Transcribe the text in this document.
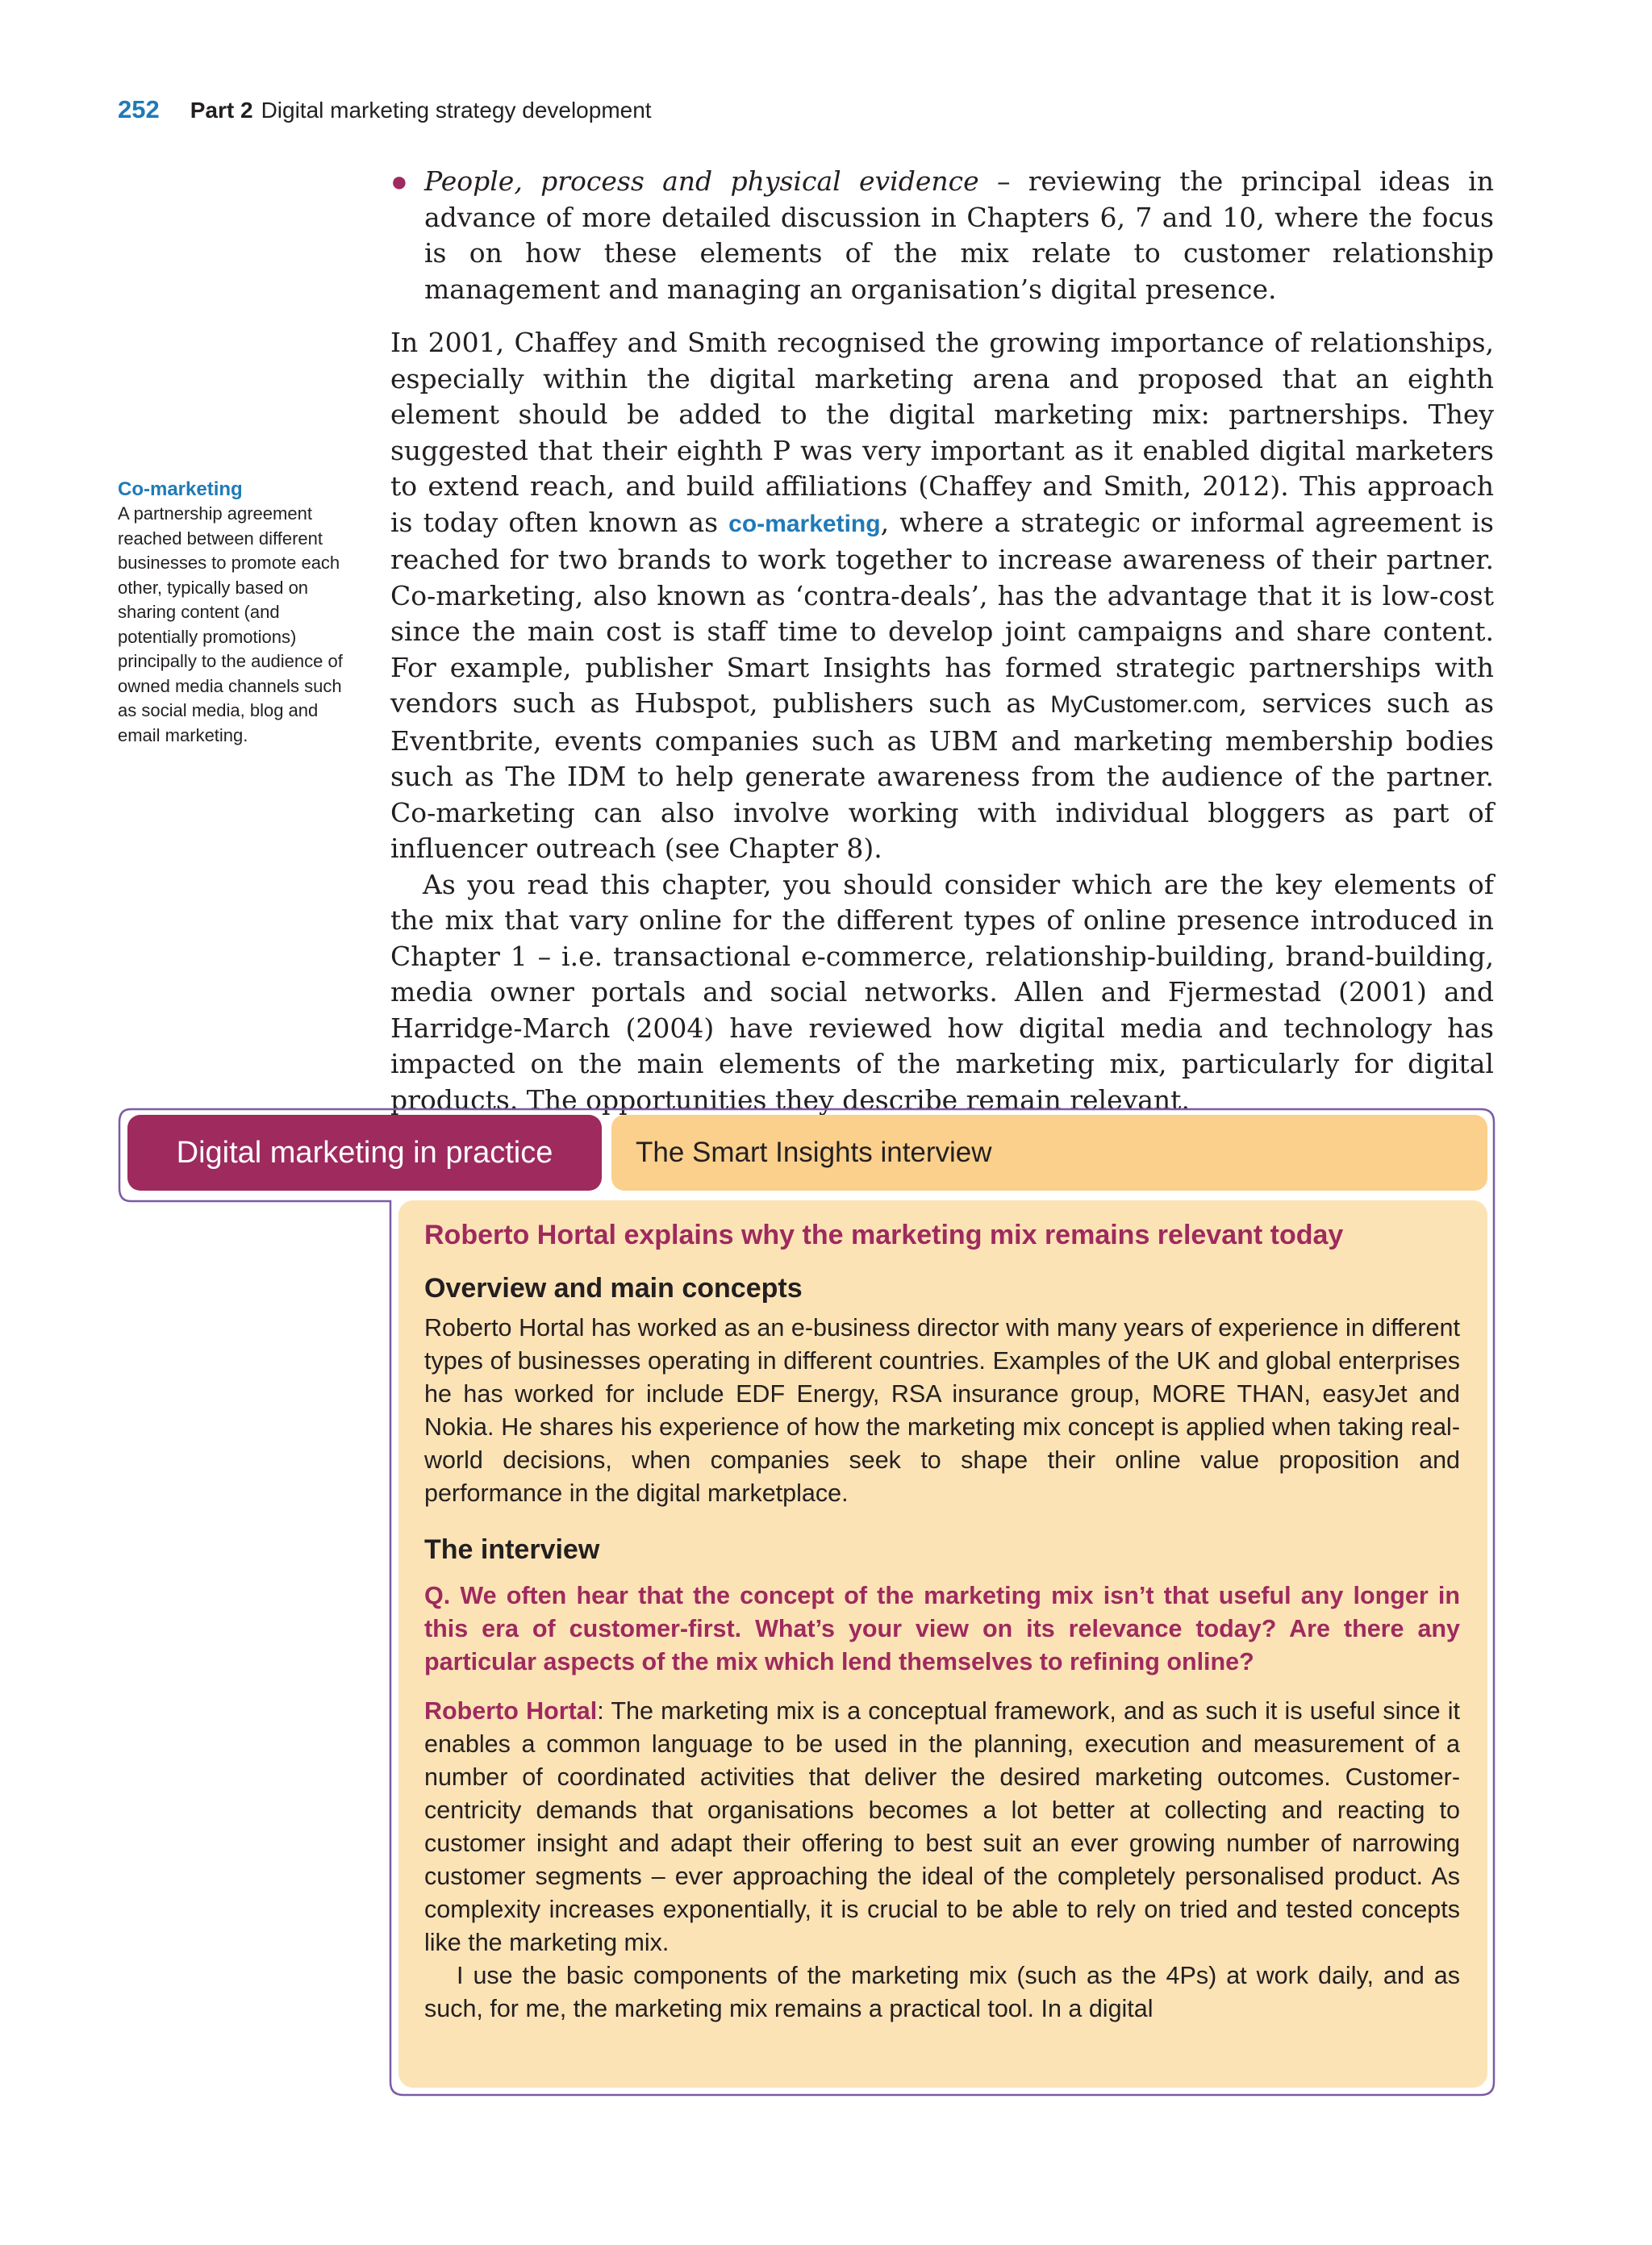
252 Part 2 Digital marketing strategy development
Co-marketing
A partnership agreement reached between different businesses to promote each other, typically based on sharing content (and potentially promotions) principally to the audience of owned media channels such as social media, blog and email marketing.

● People, process and physical evidence – reviewing the principal ideas in advance of more detailed discussion in Chapters 6, 7 and 10, where the focus is on how these elements of the mix relate to customer relationship management and managing an organisation’s digital presence.

In 2001, Chaffey and Smith recognised the growing importance of relationships, especially within the digital marketing arena and proposed that an eighth element should be added to the digital marketing mix: partnerships. They suggested that their eighth P was very important as it enabled digital marketers to extend reach, and build affiliations (Chaffey and Smith, 2012). This approach is today often known as co-marketing, where a strategic or informal agreement is reached for two brands to work together to increase awareness of their partner. Co-marketing, also known as ‘contra-deals’, has the advantage that it is low-cost since the main cost is staff time to develop joint campaigns and share content. For example, publisher Smart Insights has formed strategic partnerships with vendors such as Hubspot, publishers such as MyCustomer.com, services such as Eventbrite, events companies such as UBM and marketing membership bodies such as The IDM to help generate awareness from the audience of the partner. Co-marketing can also involve working with individual bloggers as part of influencer outreach (see Chapter 8).

As you read this chapter, you should consider which are the key elements of the mix that vary online for the different types of online presence introduced in Chapter 1 – i.e. transactional e-commerce, relationship-building, brand-building, media owner portals and social networks. Allen and Fjermestad (2001) and Harridge-March (2004) have reviewed how digital media and technology has impacted on the main elements of the marketing mix, particularly for digital products. The opportunities they describe remain relevant.

Digital marketing in practice	The Smart Insights interview
Roberto Hortal explains why the marketing mix remains relevant today
Overview and main concepts

Roberto Hortal has worked as an e-business director with many years of experience in different types of businesses operating in different countries. Examples of the UK and global enterprises he has worked for include EDF Energy, RSA insurance group, MORE THAN, easyJet and Nokia. He shares his experience of how the marketing mix concept is applied when taking real-world decisions, when companies seek to shape their online value proposition and performance in the digital marketplace.

The interview

Q. We often hear that the concept of the marketing mix isn’t that useful any longer in this era of customer-first. What’s your view on its relevance today? Are there any particular aspects of the mix which lend themselves to refining online?

Roberto Hortal: The marketing mix is a conceptual framework, and as such it is useful since it enables a common language to be used in the planning, execution and measurement of a number of coordinated activities that deliver the desired marketing outcomes. Customer-centricity demands that organisations becomes a lot better at collecting and reacting to customer insight and adapt their offering to best suit an ever growing number of narrowing customer segments – ever approaching the ideal of the completely personalised product. As complexity increases exponentially, it is crucial to be able to rely on tried and tested concepts like the marketing mix.

I use the basic components of the marketing mix (such as the 4Ps) at work daily, and as such, for me, the marketing mix remains a practical tool. In a digital
